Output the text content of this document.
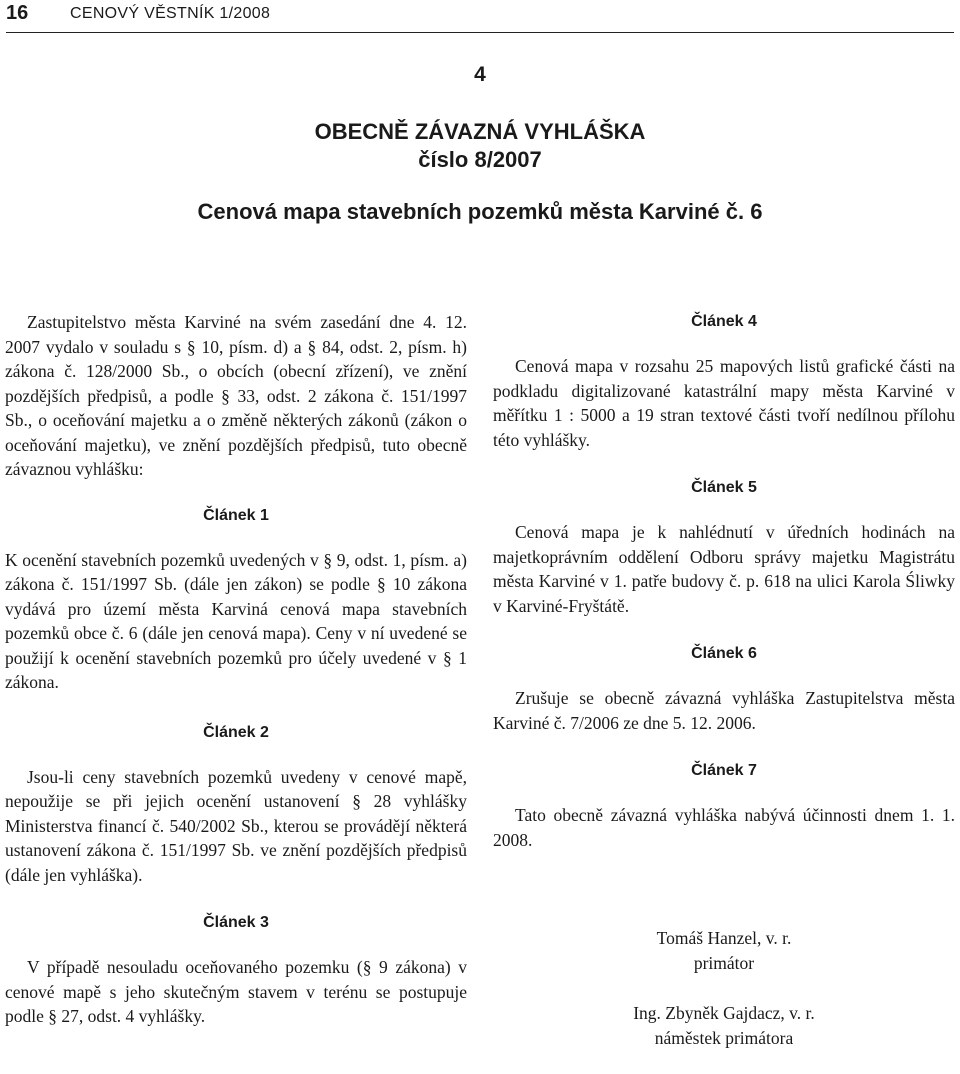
16	CENOVÝ VĚSTNÍK 1/2008
4
OBECNĚ ZÁVAZNÁ VYHLÁŠKA
číslo 8/2007
Cenová mapa stavebních pozemků města Karviné č. 6

Zastupitelstvo města Karviné na svém zasedání dne 4. 12. 2007 vydalo v souladu s § 10, písm. d) a § 84, odst. 2, písm. h) zákona č. 128/2000 Sb., o obcích (obecní zřízení), ve znění pozdějších předpisů, a podle § 33, odst. 2 zákona č. 151/1997 Sb., o oceňování majetku a o změně některých zákonů (zákon o oceňování majetku), ve znění pozdějších předpisů, tuto obecně závaznou vyhlášku:

Článek 1

K ocenění stavebních pozemků uvedených v § 9, odst. 1, písm. a) zákona č. 151/1997 Sb. (dále jen zákon) se podle § 10 zákona vydává pro území města Karviná cenová mapa stavebních pozemků obce č. 6 (dále jen cenová mapa). Ceny v ní uvedené se použijí k ocenění stavebních pozemků pro účely uvedené v § 1 zákona.

Článek 2

Jsou-li ceny stavebních pozemků uvedeny v cenové mapě, nepoužije se při jejich ocenění ustanovení § 28 vyhlášky Ministerstva financí č. 540/2002 Sb., kterou se provádějí některá ustanovení zákona č. 151/1997 Sb. ve znění pozdějších předpisů (dále jen vyhláška).

Článek 3

V případě nesouladu oceňovaného pozemku (§ 9 zákona) v cenové mapě s jeho skutečným stavem v terénu se postupuje podle § 27, odst. 4 vyhlášky.

Článek 4

Cenová mapa v rozsahu 25 mapových listů grafické části na podkladu digitalizované katastrální mapy města Karviné v měřítku 1 : 5000 a 19 stran textové části tvoří nedílnou přílohu této vyhlášky.

Článek 5

Cenová mapa je k nahlédnutí v úředních hodinách na majetkoprávním oddělení Odboru správy majetku Magistrátu města Karviné v 1. patře budovy č. p. 618 na ulici Karola Śliwky v Karviné-Fryštátě.

Článek 6

Zrušuje se obecně závazná vyhláška Zastupitelstva města Karviné č. 7/2006 ze dne 5. 12. 2006.

Článek 7

Tato obecně závazná vyhláška nabývá účinnosti dnem 1. 1. 2008.

Tomáš Hanzel, v. r.

primátor

Ing. Zbyněk Gajdacz, v. r.

náměstek primátora
